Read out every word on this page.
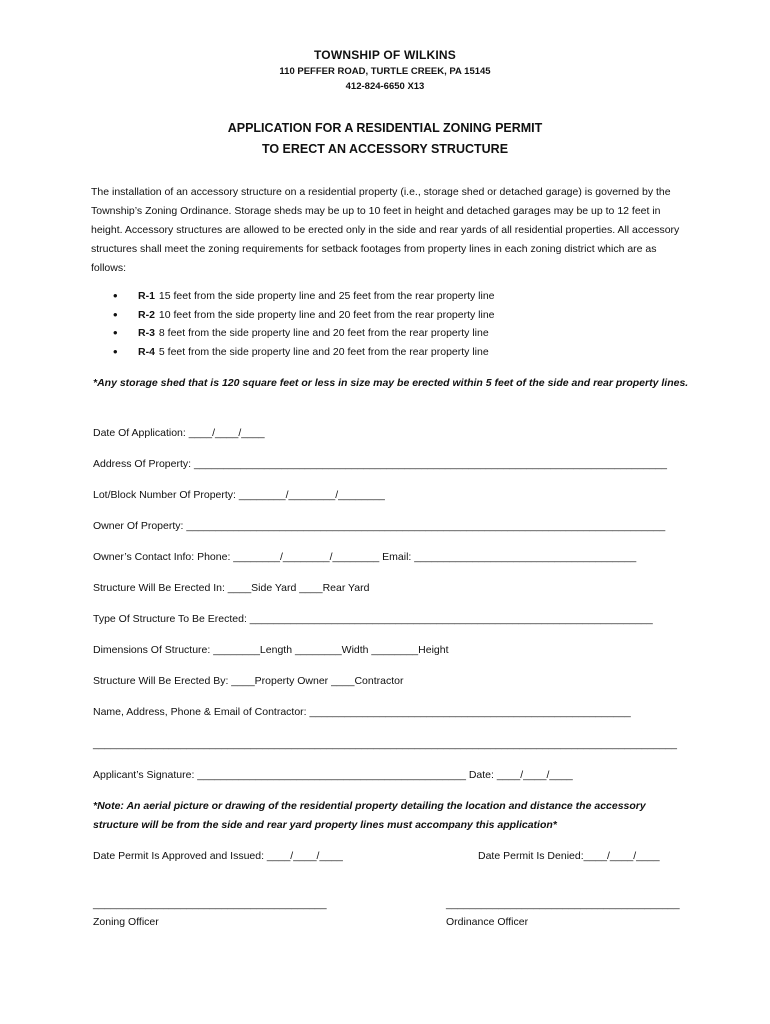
TOWNSHIP OF WILKINS
110 PEFFER ROAD, TURTLE CREEK, PA 15145
412-824-6650 X13
APPLICATION FOR A RESIDENTIAL ZONING PERMIT
TO ERECT AN ACCESSORY STRUCTURE
The installation of an accessory structure on a residential property (i.e., storage shed or detached garage) is governed by the Township’s Zoning Ordinance. Storage sheds may be up to 10 feet in height and detached garages may be up to 12 feet in height. Accessory structures are allowed to be erected only in the side and rear yards of all residential properties. All accessory structures shall meet the zoning requirements for setback footages from property lines in each zoning district which are as follows:
• R-1 15 feet from the side property line and 25 feet from the rear property line
• R-2 10 feet from the side property line and 20 feet from the rear property line
• R-3 8 feet from the side property line and 20 feet from the rear property line
• R-4 5 feet from the side property line and 20 feet from the rear property line
*Any storage shed that is 120 square feet or less in size may be erected within 5 feet of the side and rear property lines.
Date Of Application: ____/____/____
Address Of Property: _________________________________________________________________________________
Lot/Block Number Of Property: ________/________/________
Owner Of Property: __________________________________________________________________________________
Owner’s Contact Info: Phone: ________/________/________ Email: ______________________________________
Structure Will Be Erected In: ____Side Yard ____Rear Yard
Type Of Structure To Be Erected: _____________________________________________________________________
Dimensions Of Structure: ________Length ________Width ________Height
Structure Will Be Erected By: ____Property Owner ____Contractor
Name, Address, Phone & Email of Contractor: _______________________________________________________
____________________________________________________________________________________________________
Applicant’s Signature: ______________________________________________ Date: ____/____/____
*Note: An aerial picture or drawing of the residential property detailing the location and distance the accessory structure will be from the side and rear yard property lines must accompany this application*
Date Permit Is Approved and Issued: ____/____/____	Date Permit Is Denied:____/____/____
________________________________________	________________________________________
Zoning Officer	Ordinance Officer
